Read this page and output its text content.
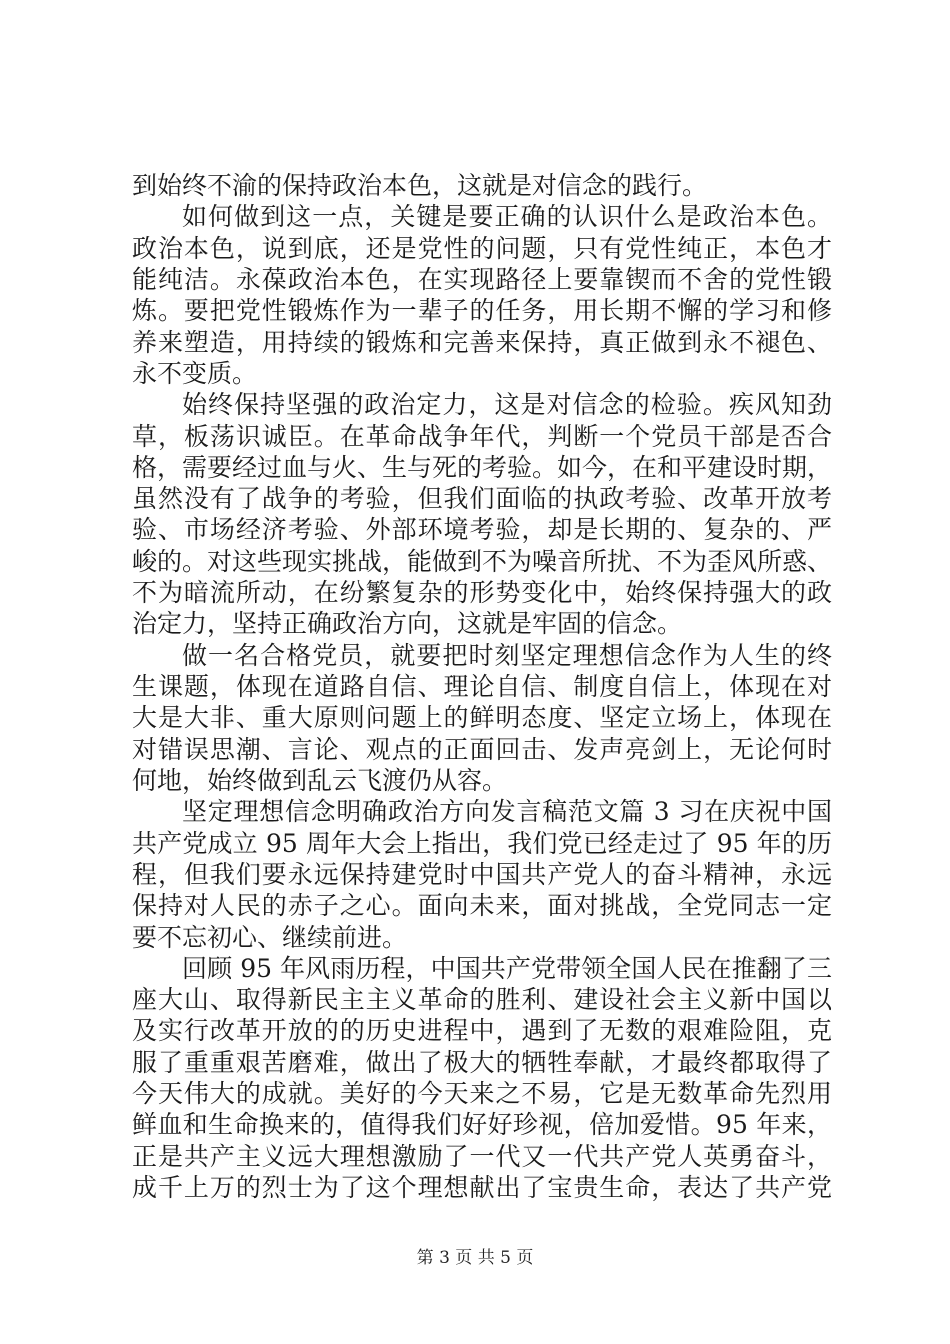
到始终不渝的保持政治本色，这就是对信念的践行。
如何做到这一点，关键是要正确的认识什么是政治本色。
政治本色，说到底，还是党性的问题，只有党性纯正，本色才
能纯洁。永葆政治本色，在实现路径上要靠锲而不舍的党性锻
炼。要把党性锻炼作为一辈子的任务，用长期不懈的学习和修
养来塑造，用持续的锻炼和完善来保持，真正做到永不褪色、
永不变质。
始终保持坚强的政治定力，这是对信念的检验。疾风知劲
草，板荡识诚臣。在革命战争年代，判断一个党员干部是否合
格，需要经过血与火、生与死的考验。如今，在和平建设时期，
虽然没有了战争的考验，但我们面临的执政考验、改革开放考
验、市场经济考验、外部环境考验，却是长期的、复杂的、严
峻的。对这些现实挑战，能做到不为噪音所扰、不为歪风所惑、
不为暗流所动，在纷繁复杂的形势变化中，始终保持强大的政
治定力，坚持正确政治方向，这就是牢固的信念。
做一名合格党员，就要把时刻坚定理想信念作为人生的终
生课题，体现在道路自信、理论自信、制度自信上，体现在对
大是大非、重大原则问题上的鲜明态度、坚定立场上，体现在
对错误思潮、言论、观点的正面回击、发声亮剑上，无论何时
何地，始终做到乱云飞渡仍从容。
坚定理想信念明确政治方向发言稿范文篇 3 习在庆祝中国
共产党成立 95 周年大会上指出，我们党已经走过了 95 年的历
程，但我们要永远保持建党时中国共产党人的奋斗精神，永远
保持对人民的赤子之心。面向未来，面对挑战，全党同志一定
要不忘初心、继续前进。
回顾 95 年风雨历程，中国共产党带领全国人民在推翻了三
座大山、取得新民主主义革命的胜利、建设社会主义新中国以
及实行改革开放的的历史进程中，遇到了无数的艰难险阻，克
服了重重艰苦磨难，做出了极大的牺牲奉献，才最终都取得了
今天伟大的成就。美好的今天来之不易，它是无数革命先烈用
鲜血和生命换来的，值得我们好好珍视，倍加爱惜。95 年来，
正是共产主义远大理想激励了一代又一代共产党人英勇奋斗，
成千上万的烈士为了这个理想献出了宝贵生命，表达了共产党
第 3 页 共 5 页
